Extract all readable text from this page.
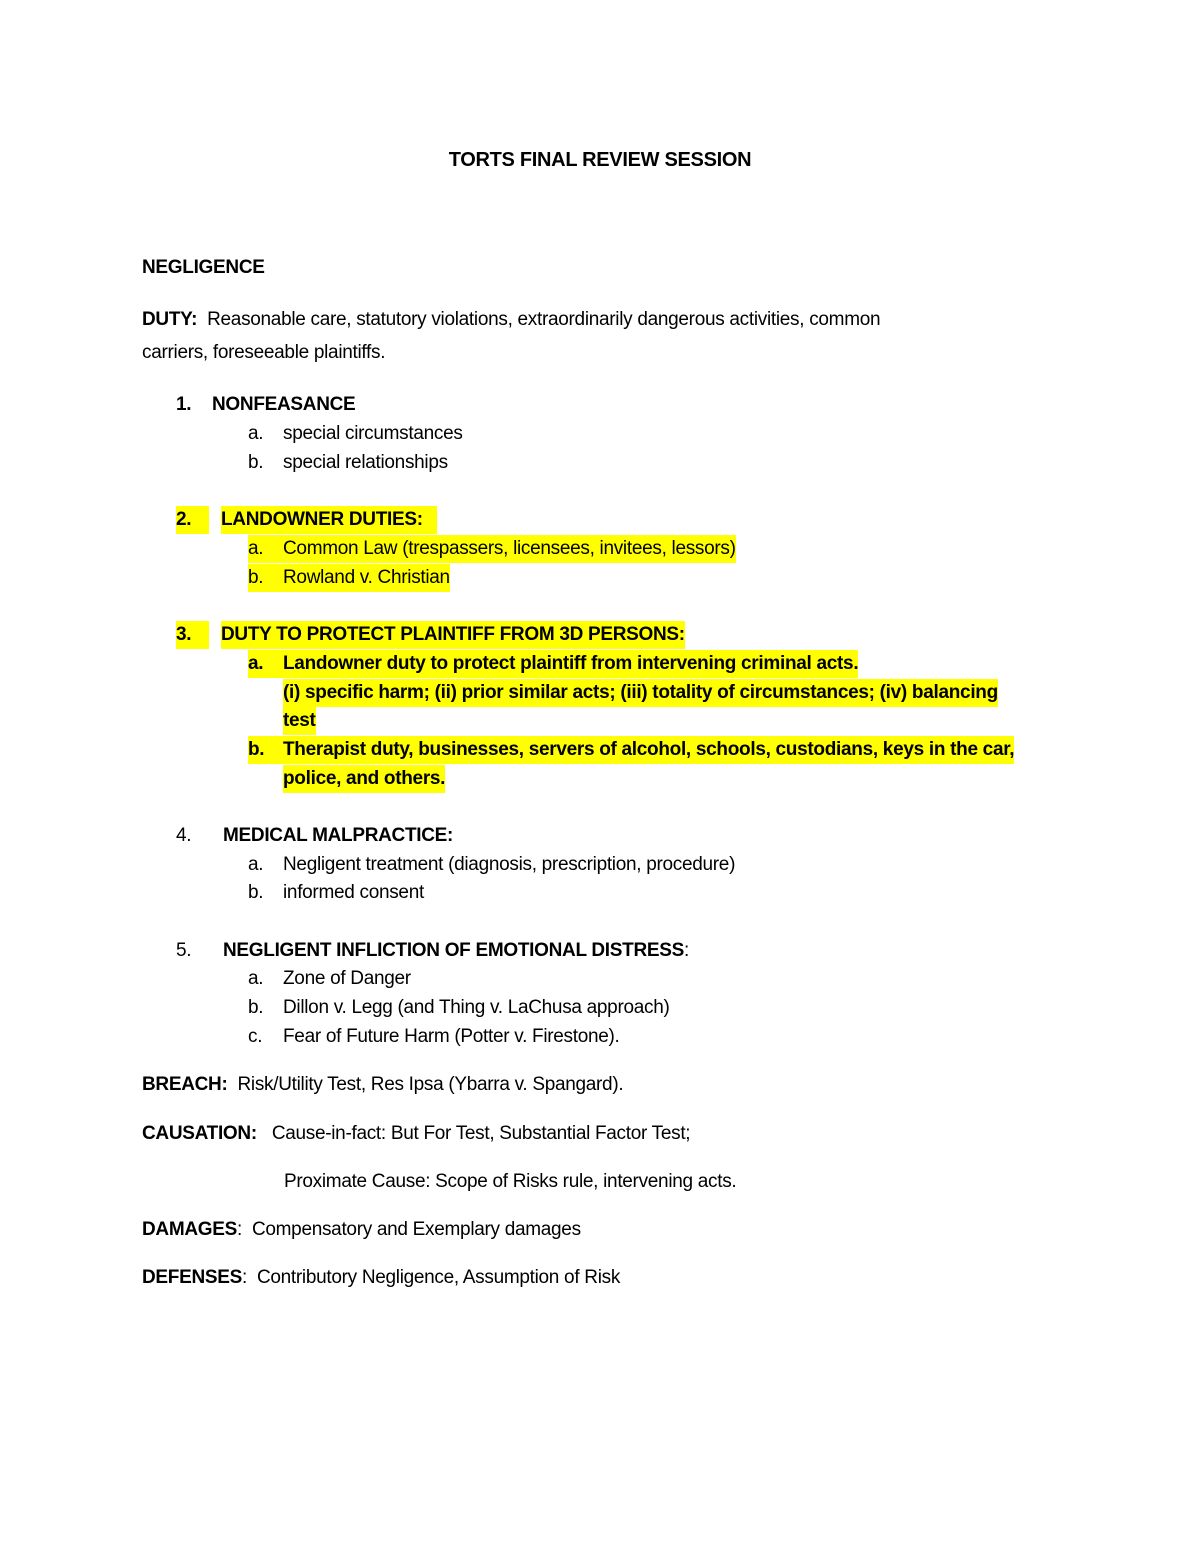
TORTS FINAL REVIEW SESSION
NEGLIGENCE
DUTY: Reasonable care, statutory violations, extraordinarily dangerous activities, common
carriers, foreseeable plaintiffs.
1. NONFEASANCE
a. special circumstances
b. special relationships
2.	LANDOWNER DUTIES:
a. Common Law (trespassers, licensees, invitees, lessors)
b. Rowland v. Christian
3.	DUTY TO PROTECT PLAINTIFF FROM 3D PERSONS:
a. Landowner duty to protect plaintiff from intervening criminal acts.
(i) specific harm; (ii) prior similar acts; (iii) totality of circumstances; (iv) balancing
test
b. Therapist duty, businesses, servers of alcohol, schools, custodians, keys in the car,
police, and others.
4. MEDICAL MALPRACTICE:
a. Negligent treatment (diagnosis, prescription, procedure)
b. informed consent
5. NEGLIGENT INFLICTION OF EMOTIONAL DISTRESS:
a. Zone of Danger
b. Dillon v. Legg (and Thing v. LaChusa approach)
c. Fear of Future Harm (Potter v. Firestone).
BREACH: Risk/Utility Test, Res Ipsa (Ybarra v. Spangard).
CAUSATION: Cause-in-fact: But For Test, Substantial Factor Test;
Proximate Cause: Scope of Risks rule, intervening acts.
DAMAGES: Compensatory and Exemplary damages
DEFENSES: Contributory Negligence, Assumption of Risk
